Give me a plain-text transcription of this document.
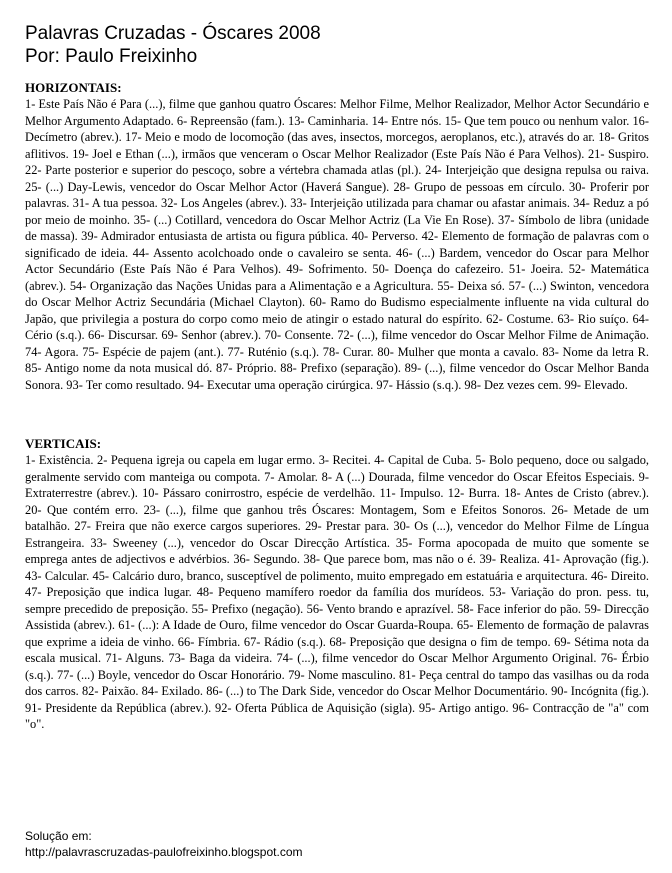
Palavras Cruzadas - Óscares 2008
Por: Paulo Freixinho
HORIZONTAIS:

1- Este País Não é Para (...), filme que ganhou quatro Óscares: Melhor Filme, Melhor Realizador, Melhor Actor Secundário e Melhor Argumento Adaptado. 6- Repreensão (fam.). 13- Caminharia. 14- Entre nós. 15- Que tem pouco ou nenhum valor. 16- Decímetro (abrev.). 17- Meio e modo de locomoção (das aves, insectos, morcegos, aeroplanos, etc.), através do ar. 18- Gritos aflitivos. 19- Joel e Ethan (...), irmãos que venceram o Oscar Melhor Realizador (Este País Não é Para Velhos). 21- Suspiro. 22- Parte posterior e superior do pescoço, sobre a vértebra chamada atlas (pl.). 24- Interjeição que designa repulsa ou raiva. 25- (...) Day-Lewis, vencedor do Oscar Melhor Actor (Haverá Sangue). 28- Grupo de pessoas em círculo. 30- Proferir por palavras. 31- A tua pessoa. 32- Los Angeles (abrev.). 33- Interjeição utilizada para chamar ou afastar animais. 34- Reduz a pó por meio de moinho. 35- (...) Cotillard, vencedora do Oscar Melhor Actriz (La Vie En Rose). 37- Símbolo de libra (unidade de massa). 39- Admirador entusiasta de artista ou figura pública. 40- Perverso. 42- Elemento de formação de palavras com o significado de ideia. 44- Assento acolchoado onde o cavaleiro se senta. 46- (...) Bardem, vencedor do Oscar para Melhor Actor Secundário (Este País Não é Para Velhos). 49- Sofrimento. 50- Doença do cafezeiro. 51- Joeira. 52- Matemática (abrev.). 54- Organização das Nações Unidas para a Alimentação e a Agricultura. 55- Deixa só. 57- (...) Swinton, vencedora do Oscar Melhor Actriz Secundária (Michael Clayton). 60- Ramo do Budismo especialmente influente na vida cultural do Japão, que privilegia a postura do corpo como meio de atingir o estado natural do espírito. 62- Costume. 63- Rio suíço. 64- Cério (s.q.). 66- Discursar. 69- Senhor (abrev.). 70- Consente. 72- (...), filme vencedor do Oscar Melhor Filme de Animação. 74- Agora. 75- Espécie de pajem (ant.). 77- Ruténio (s.q.). 78- Curar. 80- Mulher que monta a cavalo. 83- Nome da letra R. 85- Antigo nome da nota musical dó. 87- Próprio. 88- Prefixo (separação). 89- (...), filme vencedor do Oscar Melhor Banda Sonora. 93- Ter como resultado. 94- Executar uma operação cirúrgica. 97- Hássio (s.q.). 98- Dez vezes cem. 99- Elevado.

VERTICAIS:

1- Existência. 2- Pequena igreja ou capela em lugar ermo. 3- Recitei. 4- Capital de Cuba. 5- Bolo pequeno, doce ou salgado, geralmente servido com manteiga ou compota. 7- Amolar. 8- A (...) Dourada, filme vencedor do Oscar Efeitos Especiais. 9- Extraterrestre (abrev.). 10- Pássaro conirrostro, espécie de verdelhão. 11- Impulso. 12- Burra. 18- Antes de Cristo (abrev.). 20- Que contém erro. 23- (...), filme que ganhou três Óscares: Montagem, Som e Efeitos Sonoros. 26- Metade de um batalhão. 27- Freira que não exerce cargos superiores. 29- Prestar para. 30- Os (...), vencedor do Melhor Filme de Língua Estrangeira. 33- Sweeney (...), vencedor do Oscar Direcção Artística. 35- Forma apocopada de muito que somente se emprega antes de adjectivos e advérbios. 36- Segundo. 38- Que parece bom, mas não o é. 39- Realiza. 41- Aprovação (fig.). 43- Calcular. 45- Calcário duro, branco, susceptível de polimento, muito empregado em estatuária e arquitectura. 46- Direito. 47- Preposição que indica lugar. 48- Pequeno mamífero roedor da família dos murídeos. 53- Variação do pron. pess. tu, sempre precedido de preposição. 55- Prefixo (negação). 56- Vento brando e aprazível. 58- Face inferior do pão. 59- Direcção Assistida (abrev.). 61- (...): A Idade de Ouro, filme vencedor do Oscar Guarda-Roupa. 65- Elemento de formação de palavras que exprime a ideia de vinho. 66- Fímbria. 67- Rádio (s.q.). 68- Preposição que designa o fim de tempo. 69- Sétima nota da escala musical. 71- Alguns. 73- Baga da videira. 74- (...), filme vencedor do Oscar Melhor Argumento Original. 76- Érbio (s.q.). 77- (...) Boyle, vencedor do Oscar Honorário. 79- Nome masculino. 81- Peça central do tampo das vasilhas ou da roda dos carros. 82- Paixão. 84- Exilado. 86- (...) to The Dark Side, vencedor do Oscar Melhor Documentário. 90- Incógnita (fig.). 91- Presidente da República (abrev.). 92- Oferta Pública de Aquisição (sigla). 95- Artigo antigo. 96- Contracção de "a" com "o".

Solução em:
http://palavrascruzadas-paulofreixinho.blogspot.com
